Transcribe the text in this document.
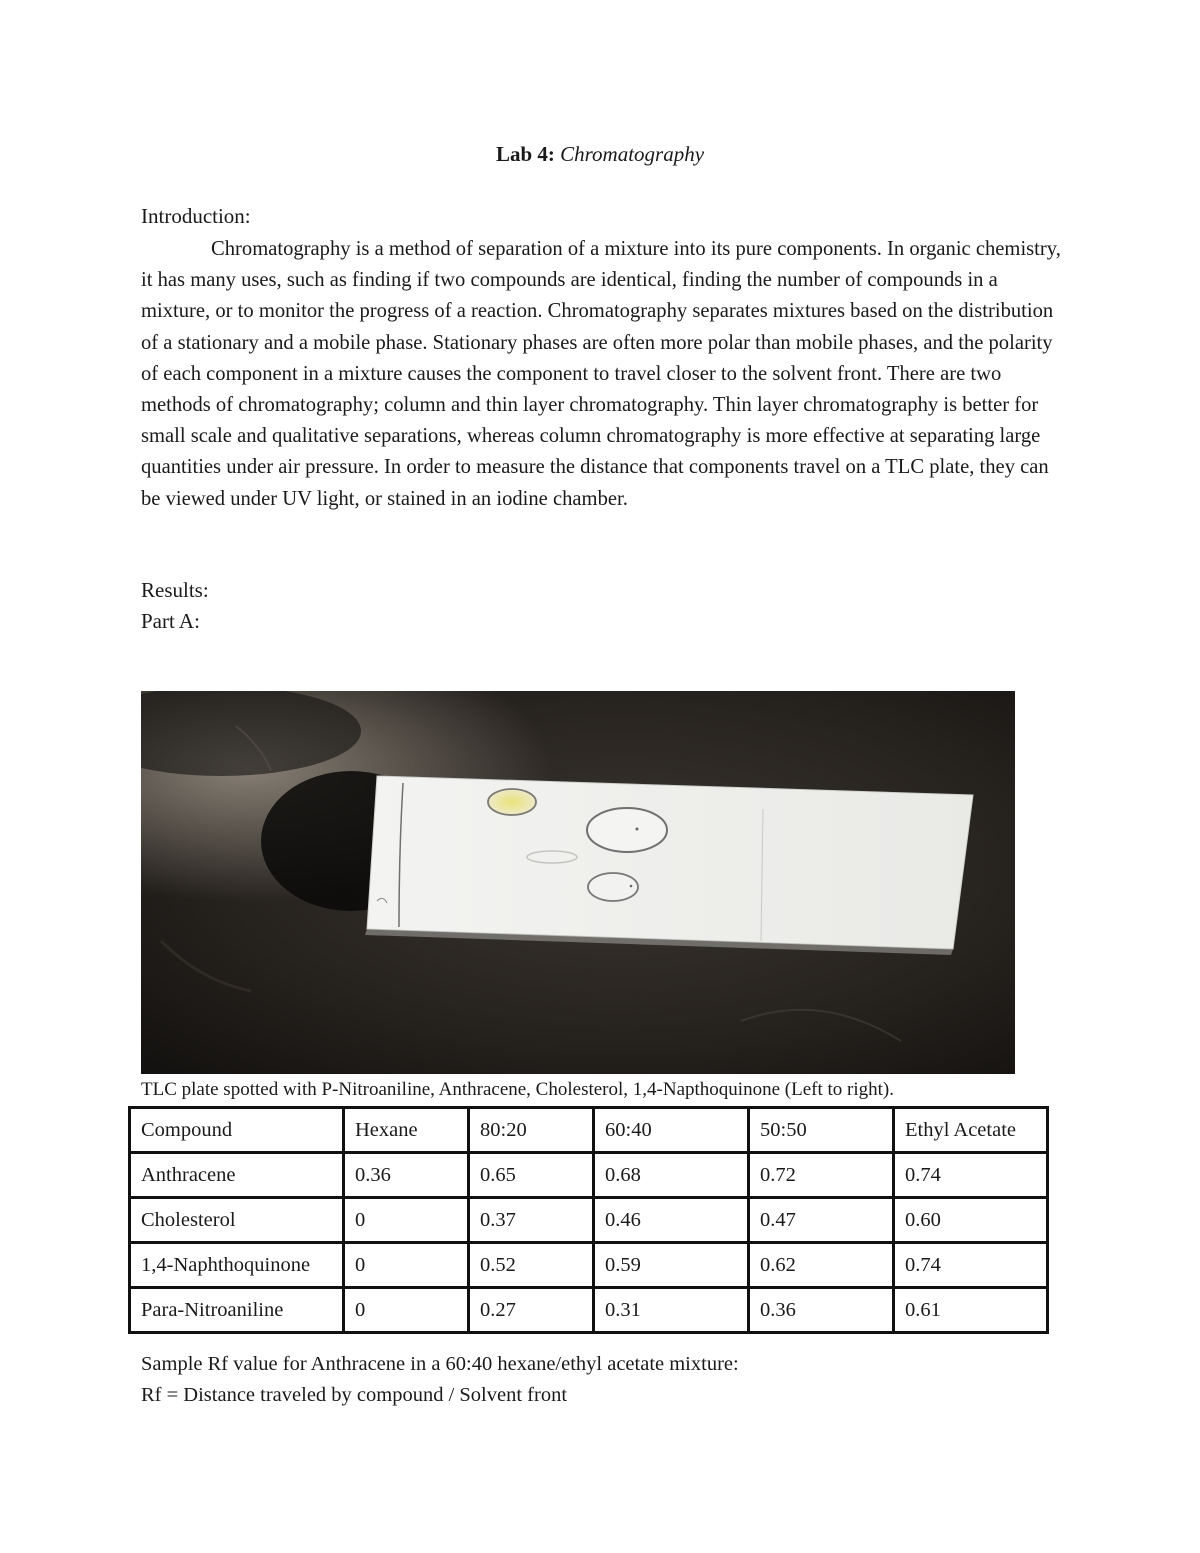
Lab 4: Chromatography
Introduction:

Chromatography is a method of separation of a mixture into its pure components. In organic chemistry, it has many uses, such as finding if two compounds are identical, finding the number of compounds in a mixture, or to monitor the progress of a reaction. Chromatography separates mixtures based on the distribution of a stationary and a mobile phase. Stationary phases are often more polar than mobile phases, and the polarity of each component in a mixture causes the component to travel closer to the solvent front. There are two methods of chromatography; column and thin layer chromatography. Thin layer chromatography is better for small scale and qualitative separations, whereas column chromatography is more effective at separating large quantities under air pressure. In order to measure the distance that components travel on a TLC plate, they can be viewed under UV light, or stained in an iodine chamber.

Results:
Part A:
TLC plate spotted with P-Nitroaniline, Anthracene, Cholesterol, 1,4-Napthoquinone (Left to right).
Compound	Hexane	80:20	60:40	50:50	Ethyl Acetate
Anthracene	0.36	0.65	0.68	0.72	0.74
Cholesterol	0	0.37	0.46	0.47	0.60
1,4-Naphthoquinone	0	0.52	0.59	0.62	0.74
Para-Nitroaniline	0	0.27	0.31	0.36	0.61
Sample Rf value for Anthracene in a 60:40 hexane/ethyl acetate mixture:
Rf = Distance traveled by compound / Solvent front
